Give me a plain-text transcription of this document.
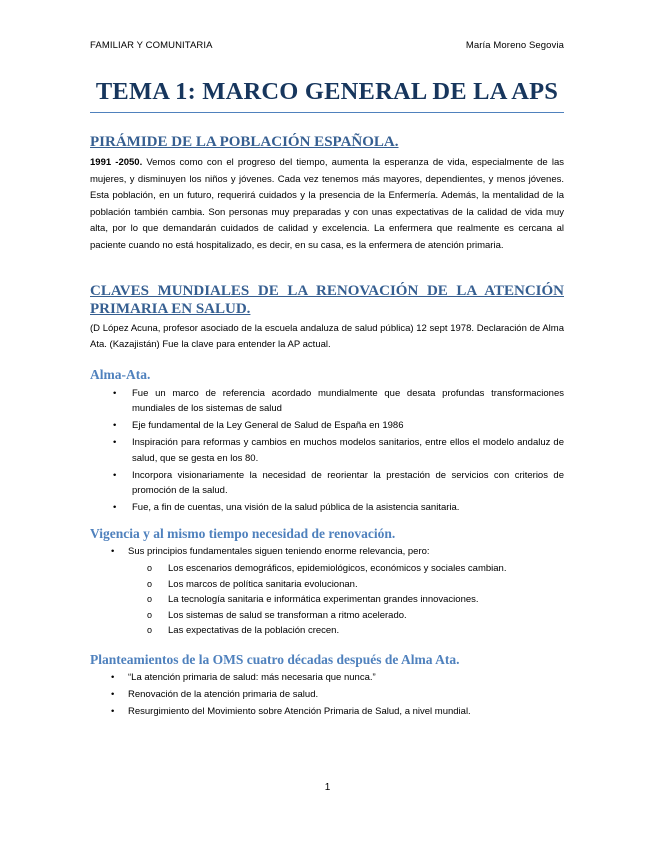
FAMILIAR Y COMUNITARIA	María Moreno Segovia
TEMA 1: MARCO GENERAL DE LA APS
PIRÁMIDE DE LA POBLACIÓN ESPAÑOLA.

1991 -2050. Vemos como con el progreso del tiempo, aumenta la esperanza de vida, especialmente de las mujeres, y disminuyen los niños y jóvenes. Cada vez tenemos más mayores, dependientes, y menos jóvenes. Esta población, en un futuro, requerirá cuidados y la presencia de la Enfermería. Además, la mentalidad de la población también cambia. Son personas muy preparadas y con unas expectativas de la calidad de vida muy alta, por lo que demandarán cuidados de calidad y excelencia. La enfermera que realmente es cercana al paciente cuando no está hospitalizado, es decir, en su casa, es la enfermera de atención primaria.

CLAVES MUNDIALES DE LA RENOVACIÓN DE LA ATENCIÓN PRIMARIA EN SALUD.

(D López Acuna, profesor asociado de la escuela andaluza de salud pública) 12 sept 1978. Declaración de Alma Ata. (Kazajistán) Fue la clave para entender la AP actual.

Alma-Ata.
• Fue un marco de referencia acordado mundialmente que desata profundas transformaciones mundiales de los sistemas de salud
• Eje fundamental de la Ley General de Salud de España en 1986
• Inspiración para reformas y cambios en muchos modelos sanitarios, entre ellos el modelo andaluz de salud, que se gesta en los 80.
• Incorpora visionariamente la necesidad de reorientar la prestación de servicios con criterios de promoción de la salud.
• Fue, a fin de cuentas, una visión de la salud pública de la asistencia sanitaria.
Vigencia y al mismo tiempo necesidad de renovación.
• Sus principios fundamentales siguen teniendo enorme relevancia, pero:
o Los escenarios demográficos, epidemiológicos, económicos y sociales cambian.
o Los marcos de política sanitaria evolucionan.
o La tecnología sanitaria e informática experimentan grandes innovaciones.
o Los sistemas de salud se transforman a ritmo acelerado.
o Las expectativas de la población crecen.
Planteamientos de la OMS cuatro décadas después de Alma Ata.
• “La atención primaria de salud: más necesaria que nunca.”
• Renovación de la atención primaria de salud.
• Resurgimiento del Movimiento sobre Atención Primaria de Salud, a nivel mundial.
1
